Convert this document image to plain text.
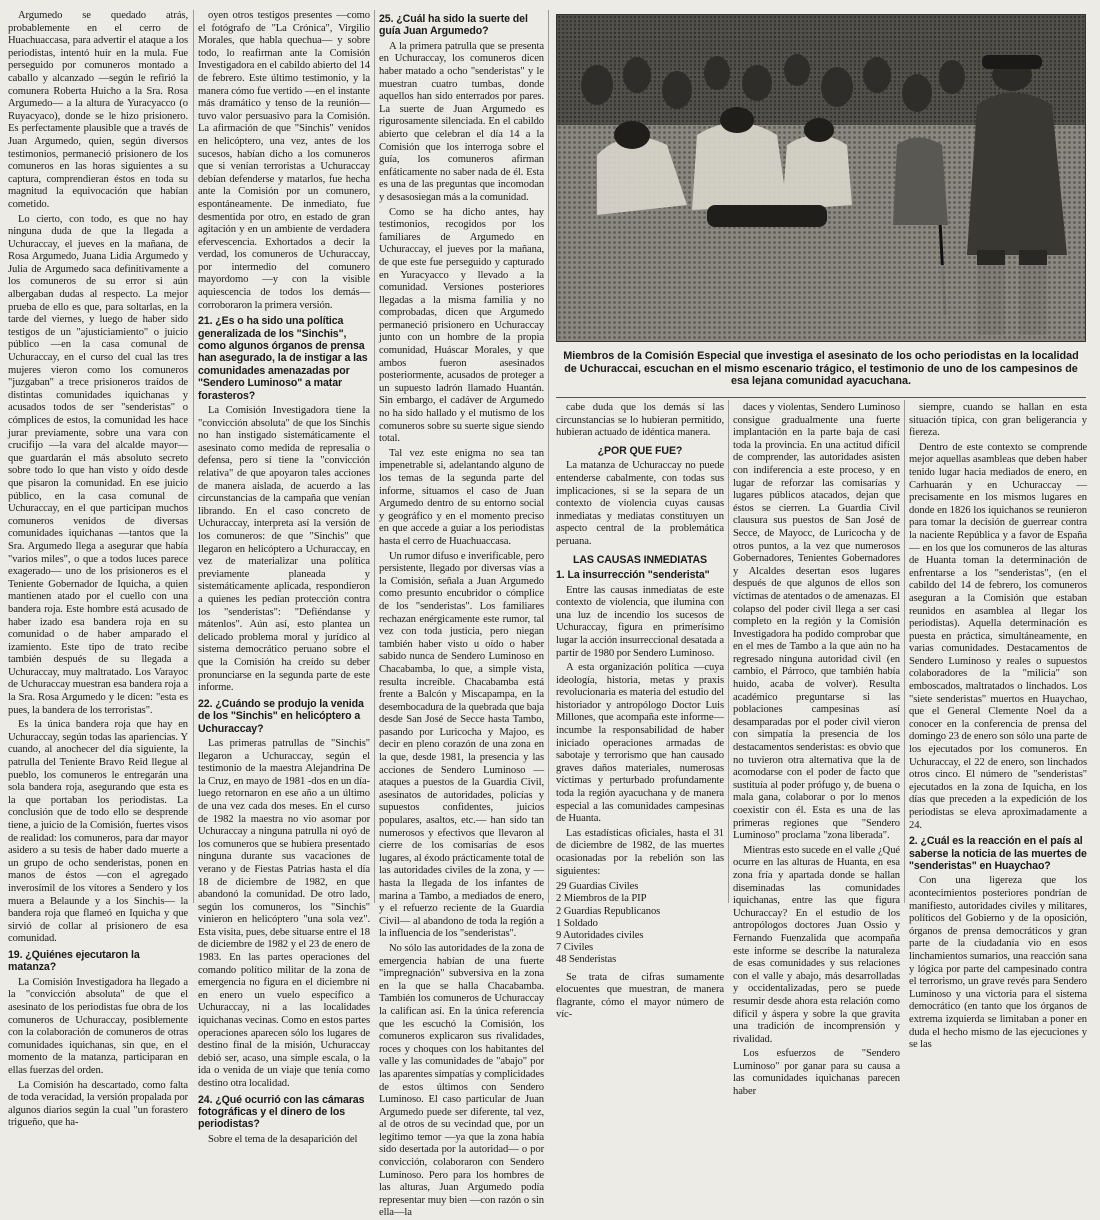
Argumedo se quedado atrás, probablemente en el cerro de Huachuaccasa, para advertir el ataque a los periodistas, intentó huir en la mula. Fue perseguido por comuneros montado a caballo y alcanzado —según le refirió la comunera Roberta Huicho a la Sra. Rosa Argumedo— a la altura de Yuracyacco (o Ruyacyaco), donde se le hizo prisionero. Es perfectamente plausible que a través de Juan Argumedo, quien, según diversos testimonios, permaneció prisionero de los comuneros en las horas siguientes a su captura, comprendieran éstos en toda su magnitud la equivocación que habían cometido.

Lo cierto, con todo, es que no hay ninguna duda de que la llegada a Uchuraccay, el jueves en la mañana, de Rosa Argumedo, Juana Lidia Argumedo y Julia de Argumedo saca definitivamente a los comuneros de su error si aún albergaban dudas al respecto. La mejor prueba de ello es que, para soltarlas, en la tarde del viernes, y luego de haber sido testigos de un "ajusticiamiento" o juicio público —en la casa comunal de Uchuraccay, en el curso del cual las tres mujeres vieron como los comuneros "juzgaban" a trece prisioneros traídos de distintas comunidades iquichanas y acusados todos de ser "senderistas" o cómplices de estos, la comunidad les hace jurar previamente, sobre una vara con crucifijo —la vara del alcalde mayor— que guardarán el más absoluto secreto sobre todo lo que han visto y oído desde que pisaron la comunidad. En ese juicio público, en la casa comunal de Uchuraccay, en el que participan muchos comuneros venidos de diversas comunidades iquichanas —tantos que la Sra. Argumedo llega a asegurar que había "varios miles", o que a todos luces parece exagerado— uno de los prisioneros es el Teniente Gobernador de Iquicha, a quien mantienen atado por el cuello con una bandera roja. Este hombre está acusado de haber izado esa bandera roja en su comunidad o de haber amparado el izamiento. Este tipo de trato recibe también después de su llegada a Uchuraccay, muy maltratado. Los Varayoc de Uchuraccay muestran esa bandera roja a la Sra. Rosa Argumedo y le dicen: "esta es pues, la bandera de los terroristas".

Es la única bandera roja que hay en Uchuraccay, según todas las apariencias. Y cuando, al anochecer del día siguiente, la patrulla del Teniente Bravo Reid llegue al pueblo, los comuneros le entregarán una sola bandera roja, asegurando que esta es la que portaban los periodistas. La conclusión que de todo ello se desprende tiene, a juicio de la Comisión, fuertes visos de realidad: los comuneros, para dar mayor asidero a su tesis de haber dado muerte a un grupo de ocho senderistas, ponen en manos de éstos —con el agregado inverosímil de los vítores a Sendero y los muera a Belaunde y a los Sinchis— la bandera roja que flameó en Iquicha y que sirvió de collar al prisionero de esa comunidad.

19. ¿Quiénes ejecutaron la matanza?

La Comisión Investigadora ha llegado a la "convicción absoluta" de que el asesinato de los periodistas fue obra de los comuneros de Uchuraccay, posiblemente con la colaboración de comuneros de otras comunidades iquichanas, sin que, en el momento de la matanza, participaran en ellas fuerzas del orden.

La Comisión ha descartado, como falta de toda veracidad, la versión propalada por algunos diarios según la cual "un forastero trigueño, que ha-

oyen otros testigos presentes —como el fotógrafo de "La Crónica", Virgilio Morales, que habla quechua— y sobre todo, lo reafirman ante la Comisión Investigadora en el cabildo abierto del 14 de febrero. Este último testimonio, y la manera cómo fue vertido —en el instante más dramático y tenso de la reunión— tuvo valor persuasivo para la Comisión. La afirmación de que "Sinchis" venidos en helicóptero, una vez, antes de los sucesos, habían dicho a los comuneros que si venían terroristas a Uchuraccay debían defenderse y matarlos, fue hecha ante la Comisión por un comunero, espontáneamente. De inmediato, fue desmentida por otro, en estado de gran agitación y en un ambiente de verdadera efervescencia. Exhortados a decir la verdad, los comuneros de Uchuraccay, por intermedio del comunero mayordomo —y con la visible aquiescencia de todos los demás— corroboraron la primera versión.

21. ¿Es o ha sido una política generalizada de los "Sinchis", como algunos órganos de prensa han asegurado, la de instigar a las comunidades amenazadas por "Sendero Luminoso" a matar forasteros?

La Comisión Investigadora tiene la "convicción absoluta" de que los Sinchis no han instigado sistemáticamente el asesinato como medida de represalia o defensa, pero sí tiene la "convicción relativa" de que apoyaron tales acciones de manera aislada, de acuerdo a las circunstancias de la campaña que venían librando. En el caso concreto de Uchuraccay, interpreta así la versión de los comuneros: de que "Sinchis" que llegaron en helicóptero a Uchuraccay, en vez de materializar una política previamente planeada y sistemáticamente aplicada, respondieron a quienes les pedían protección contra los "senderistas": "Defiéndanse y mátenlos". Aún así, esto plantea un delicado problema moral y jurídico al sistema democrático peruano sobre el que la Comisión ha creído su deber pronunciarse en la segunda parte de este informe.

22. ¿Cuándo se produjo la venida de los "Sinchis" en helicóptero a Uchuraccay?

Las primeras patrullas de "Sinchis" llegaron a Uchuraccay, según el testimonio de la maestra Alejandrina De la Cruz, en mayo de 1981 -dos en un día- luego retornaron en ese año a un último de una vez cada dos meses. En el curso de 1982 la maestra no vio asomar por Uchuraccay a ninguna patrulla ni oyó de los comuneros que se hubiera presentado ninguna durante sus vacaciones de verano y de Fiestas Patrias hasta el día 18 de diciembre de 1982, en que abandonó la comunidad. De otro lado, según los comuneros, los "Sinchis" vinieron en helicóptero "una sola vez". Esta visita, pues, debe situarse entre el 18 de diciembre de 1982 y el 23 de enero de 1983. En las partes operaciones del comando político militar de la zona de emergencia no figura en el diciembre ni en enero un vuelo específico a Uchuraccay, ni a las localidades iquichanas vecinas. Como en estos partes operaciones aparecen sólo los lugares de destino final de la misión, Uchuraccay debió ser, acaso, una simple escala, o la ida o venida de un viaje que tenía como destino otra localidad.

24. ¿Qué ocurrió con las cámaras fotográficas y el dinero de los periodistas?

Sobre el tema de la desaparición del

25. ¿Cuál ha sido la suerte del guía Juan Argumedo?

A la primera patrulla que se presenta en Uchuraccay, los comuneros dicen haber matado a ocho "senderistas" y le muestran cuatro tumbas, donde aquellos han sido enterrados por pares. La suerte de Juan Argumedo es rigurosamente silenciada. En el cabildo abierto que celebran el día 14 a la Comisión que los interroga sobre el guía, los comuneros afirman enfáticamente no saber nada de él. Esta es una de las preguntas que incomodan y desasosiegan más a la comunidad.

Como se ha dicho antes, hay testimonios, recogidos por los familiares de Argumedo en Uchuraccay, el jueves por la mañana, de que este fue perseguido y capturado en Yuracyacco y llevado a la comunidad. Versiones posteriores llegadas a la misma familia y no comprobadas, dicen que Argumedo permaneció prisionero en Uchuraccay junto con un hombre de la propia comunidad, Huáscar Morales, y que ambos fueron asesinados posteriormente, acusados de proteger a un supuesto ladrón llamado Huantán. Sin embargo, el cadáver de Argumedo no ha sido hallado y el mutismo de los comuneros sobre su suerte sigue siendo total.

Tal vez este enigma no sea tan impenetrable si, adelantando alguno de los temas de la segunda parte del informe, situamos el caso de Juan Argumedo dentro de su entorno social y geográfico y en el momento preciso en que accede a guiar a los periodistas hasta el cerro de Huachuaccasa.

Un rumor difuso e inverificable, pero persistente, llegado por diversas vías a la Comisión, señala a Juan Argumedo como presunto encubridor o cómplice de los "senderistas". Los familiares rechazan enérgicamente este rumor, tal vez con toda justicia, pero niegan también haber visto u oído o haber sabido nunca de Sendero Luminoso en Chacabamba, lo que, a simple vista, resulta increíble. Chacabamba está frente a Balcón y Miscapampa, en la desembocadura de la quebrada que baja desde San José de Secce hasta Tambo, pasando por Luricocha y Majoo, es decir en pleno corazón de una zona en la que, desde 1981, la presencia y las acciones de Sendero Luminoso —ataques a puestos de la Guardia Civil, asesinatos de autoridades, policías y supuestos confidentes, juicios populares, asaltos, etc.— han sido tan numerosos y efectivos que llevaron al cierre de los comisarías de esos lugares, al éxodo prácticamente total de las autoridades civiles de la zona, y —hasta la llegada de los infantes de marina a Tambo, a mediados de enero, y el refuerzo reciente de la Guardia Civil— al abandono de toda la región a la influencia de los "senderistas".

No sólo las autoridades de la zona de emergencia habían de una fuerte "impregnación" subversiva en la zona en la que se halla Chacabamba. También los comuneros de Uchuraccay la califican así. En la única referencia que les escuchó la Comisión, los comuneros explicaron sus rivalidades, roces y choques con los habitantes del valle y las comunidades de "abajo" por las aparentes simpatías y complicidades de estos últimos con Sendero Luminoso. El caso particular de Juan Argumedo puede ser diferente, tal vez, al de otros de su vecindad que, por un legítimo temor —ya que la zona había sido desertada por la autoridad— o por convicción, colaboraron con Sendero Luminoso. Pero para los hombres de las alturas, Juan Argumedo podía representar muy bien —con razón o sin ella—la

cabe duda que los demás sí las circunstancias se lo hubieran permitido, hubieran actuado de idéntica manera.

¿POR QUE FUE?

La matanza de Uchuraccay no puede entenderse cabalmente, con todas sus implicaciones, si se la separa de un contexto de violencia cuyas causas inmediatas y mediatas constituyen un aspecto central de la problemática peruana.

LAS CAUSAS INMEDIATAS
1. La insurrección "senderista"

Entre las causas inmediatas de este contexto de violencia, que ilumina con una luz de incendio los sucesos de Uchuraccay, figura en primerísimo lugar la acción insurreccional desatada a partir de 1980 por Sendero Luminoso.

A esta organización política —cuya ideología, historia, metas y praxis revolucionaria es materia del estudio del historiador y antropólogo Doctor Luis Millones, que acompaña este informe— incumbe la responsabilidad de haber iniciado operaciones armadas de sabotaje y terrorismo que han causado graves daños materiales, numerosas víctimas y perturbado profundamente toda la región ayacuchana y de manera especial a las comunidades campesinas de Huanta.

Las estadísticas oficiales, hasta el 31 de diciembre de 1982, de las muertes ocasionadas por la rebelión son las siguientes:

29 Guardias Civiles
2 Miembros de la PIP
2 Guardias Republicanos
1 Soldado
9 Autoridades civiles
7 Civiles
48 Senderistas

Se trata de cifras sumamente elocuentes que muestran, de manera flagrante, cómo el mayor número de víc-

daces y violentas, Sendero Luminoso consigue gradualmente una fuerte implantación en la parte baja de casi toda la provincia. En una actitud difícil de comprender, las autoridades asisten con indiferencia a este proceso, y en lugar de reforzar las comisarías y lugares públicos atacados, dejan que éstos se cierren. La Guardia Civil clausura sus puestos de San José de Secce, de Mayocc, de Luricocha y de otros puntos, a la vez que numerosos Gobernadores, Tenientes Gobernadores y Alcaldes desertan esos lugares después de que algunos de ellos son víctimas de atentados o de amenazas. El colapso del poder civil llega a ser casi completo en la región y la Comisión Investigadora ha podido comprobar que en el mes de Tambo a la que aún no ha regresado ninguna autoridad civil (en cambio, el Párroco, que también había huido, acaba de volver). Resulta académico preguntarse si las poblaciones campesinas así desamparadas por el poder civil vieron con simpatía la presencia de los destacamentos senderistas: es obvio que no tuvieron otra alternativa que la de acomodarse con el poder de facto que sustituía al poder prófugo y, de buena o mala gana, colaborar o por lo menos coexistir con él. Esta es una de las primeras regiones que "Sendero Luminoso" proclama "zona liberada".

Mientras esto sucede en el valle ¿Qué ocurre en las alturas de Huanta, en esa zona fría y apartada donde se hallan diseminadas las comunidades iquichanas, entre las que figura Uchuraccay? En el estudio de los antropólogos doctores Juan Ossio y Fernando Fuenzalida que acompaña este informe se describe la naturaleza de esas comunidades y sus relaciones con el valle y abajo, más desarrolladas y occidentalizadas, pero se puede resumir desde ahora esta relación como difícil y áspera y sobre la que gravita una tradición de incomprensión y rivalidad.

Los esfuerzos de "Sendero Luminoso" por ganar para su causa a las comunidades iquichanas parecen haber

siempre, cuando se hallan en esta situación típica, con gran beligerancia y fiereza.

Dentro de este contexto se comprende mejor aquellas asambleas que deben haber tenido lugar hacia mediados de enero, en Carhuarán y en Uchuraccay —precisamente en los mismos lugares en donde en 1826 los iquichanos se reunieron para tomar la decisión de guerrear contra la naciente República y a favor de España— en los que los comuneros de las alturas de Huanta toman la determinación de enfrentarse a los "senderistas", (en el cabildo del 14 de febrero, los comuneros aseguran a la Comisión que estaban reunidos en asamblea al llegar los periodistas). Aquella determinación es puesta en práctica, simultáneamente, en varias comunidades. Destacamentos de Sendero Luminoso y reales o supuestos colaboradores de la "milicia" son emboscados, maltratados o linchados. Los "siete senderistas" muertos en Huaychao, que el General Clemente Noel da a conocer en la conferencia de prensa del domingo 23 de enero son sólo una parte de los ejecutados por los comuneros. En Uchuraccay, el 22 de enero, son linchados otros cinco. El número de "senderistas" ejecutados en la zona de Iquicha, en los días que preceden a la expedición de los periodistas se eleva aproximadamente a 24.

2. ¿Cuál es la reacción en el país al saberse la noticia de las muertes de "senderistas" en Huaychao?

Con una ligereza que los acontecimientos posteriores pondrían de manifiesto, autoridades civiles y militares, políticos del Gobierno y de la oposición, órganos de prensa democráticos y gran parte de la ciudadanía vio en esos linchamientos sumarios, una reacción sana y lógica por parte del campesinado contra el terrorismo, un grave revés para Sendero Luminoso y una victoria para el sistema democrático (en tanto que los órganos de extrema izquierda se limitaban a poner en duda el hecho mismo de las ejecuciones y se las

Miembros de la Comisión Especial que investiga el asesinato de los ocho periodistas en la localidad de Uchuraccai, escuchan en el mismo escenario trágico, el testimonio de uno de los campesinos de esa lejana comunidad ayacuchana.
